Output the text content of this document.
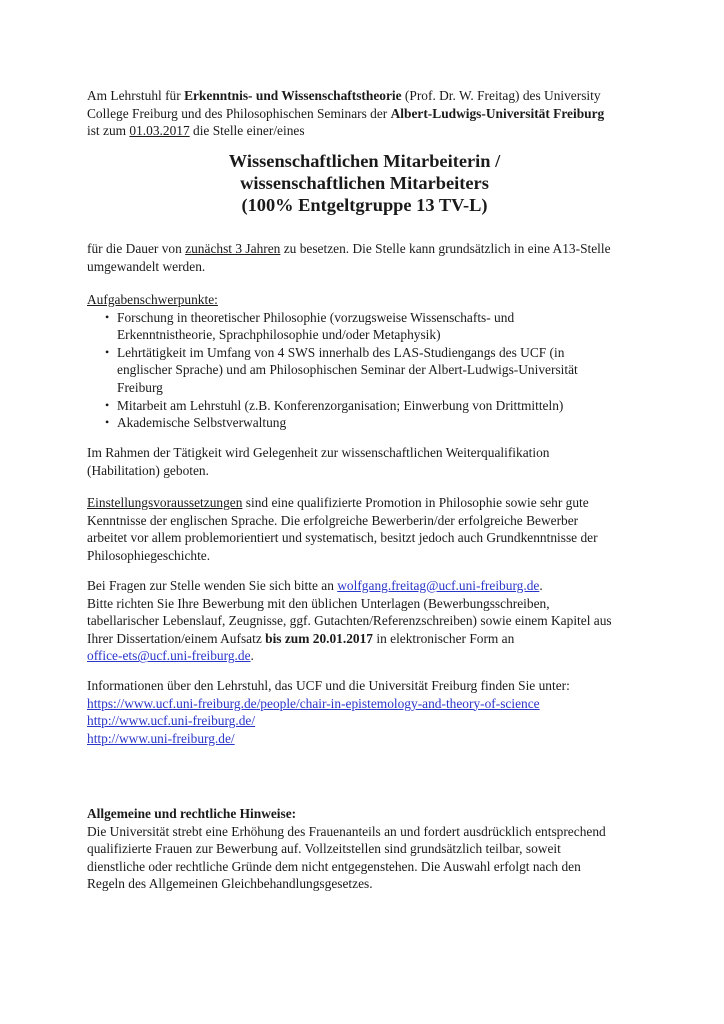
Am Lehrstuhl für Erkenntnis- und Wissenschaftstheorie (Prof. Dr. W. Freitag) des University
College Freiburg und des Philosophischen Seminars der Albert-Ludwigs-Universität Freiburg
ist zum 01.03.2017 die Stelle einer/eines
Wissenschaftlichen Mitarbeiterin /
wissenschaftlichen Mitarbeiters
(100% Entgeltgruppe 13 TV-L)
für die Dauer von zunächst 3 Jahren zu besetzen. Die Stelle kann grundsätzlich in eine A13-Stelle
umgewandelt werden.
Aufgabenschwerpunkte:
• Forschung in theoretischer Philosophie (vorzugsweise Wissenschafts- und
Erkenntnistheorie, Sprachphilosophie und/oder Metaphysik)
• Lehrtätigkeit im Umfang von 4 SWS innerhalb des LAS-Studiengangs des UCF (in
englischer Sprache) und am Philosophischen Seminar der Albert-Ludwigs-Universität
Freiburg
• Mitarbeit am Lehrstuhl (z.B. Konferenzorganisation; Einwerbung von Drittmitteln)
• Akademische Selbstverwaltung
Im Rahmen der Tätigkeit wird Gelegenheit zur wissenschaftlichen Weiterqualifikation
(Habilitation) geboten.
Einstellungsvoraussetzungen sind eine qualifizierte Promotion in Philosophie sowie sehr gute
Kenntnisse der englischen Sprache. Die erfolgreiche Bewerberin/der erfolgreiche Bewerber
arbeitet vor allem problemorientiert und systematisch, besitzt jedoch auch Grundkenntnisse der
Philosophiegeschichte.
Bei Fragen zur Stelle wenden Sie sich bitte an wolfgang.freitag@ucf.uni-freiburg.de.
Bitte richten Sie Ihre Bewerbung mit den üblichen Unterlagen (Bewerbungsschreiben,
tabellarischer Lebenslauf, Zeugnisse, ggf. Gutachten/Referenzschreiben) sowie einem Kapitel aus
Ihrer Dissertation/einem Aufsatz bis zum 20.01.2017 in elektronischer Form an
office-ets@ucf.uni-freiburg.de.
Informationen über den Lehrstuhl, das UCF und die Universität Freiburg finden Sie unter:
https://www.ucf.uni-freiburg.de/people/chair-in-epistemology-and-theory-of-science
http://www.ucf.uni-freiburg.de/
http://www.uni-freiburg.de/
Allgemeine und rechtliche Hinweise:
Die Universität strebt eine Erhöhung des Frauenanteils an und fordert ausdrücklich entsprechend
qualifizierte Frauen zur Bewerbung auf. Vollzeitstellen sind grundsätzlich teilbar, soweit
dienstliche oder rechtliche Gründe dem nicht entgegenstehen. Die Auswahl erfolgt nach den
Regeln des Allgemeinen Gleichbehandlungsgesetzes.
